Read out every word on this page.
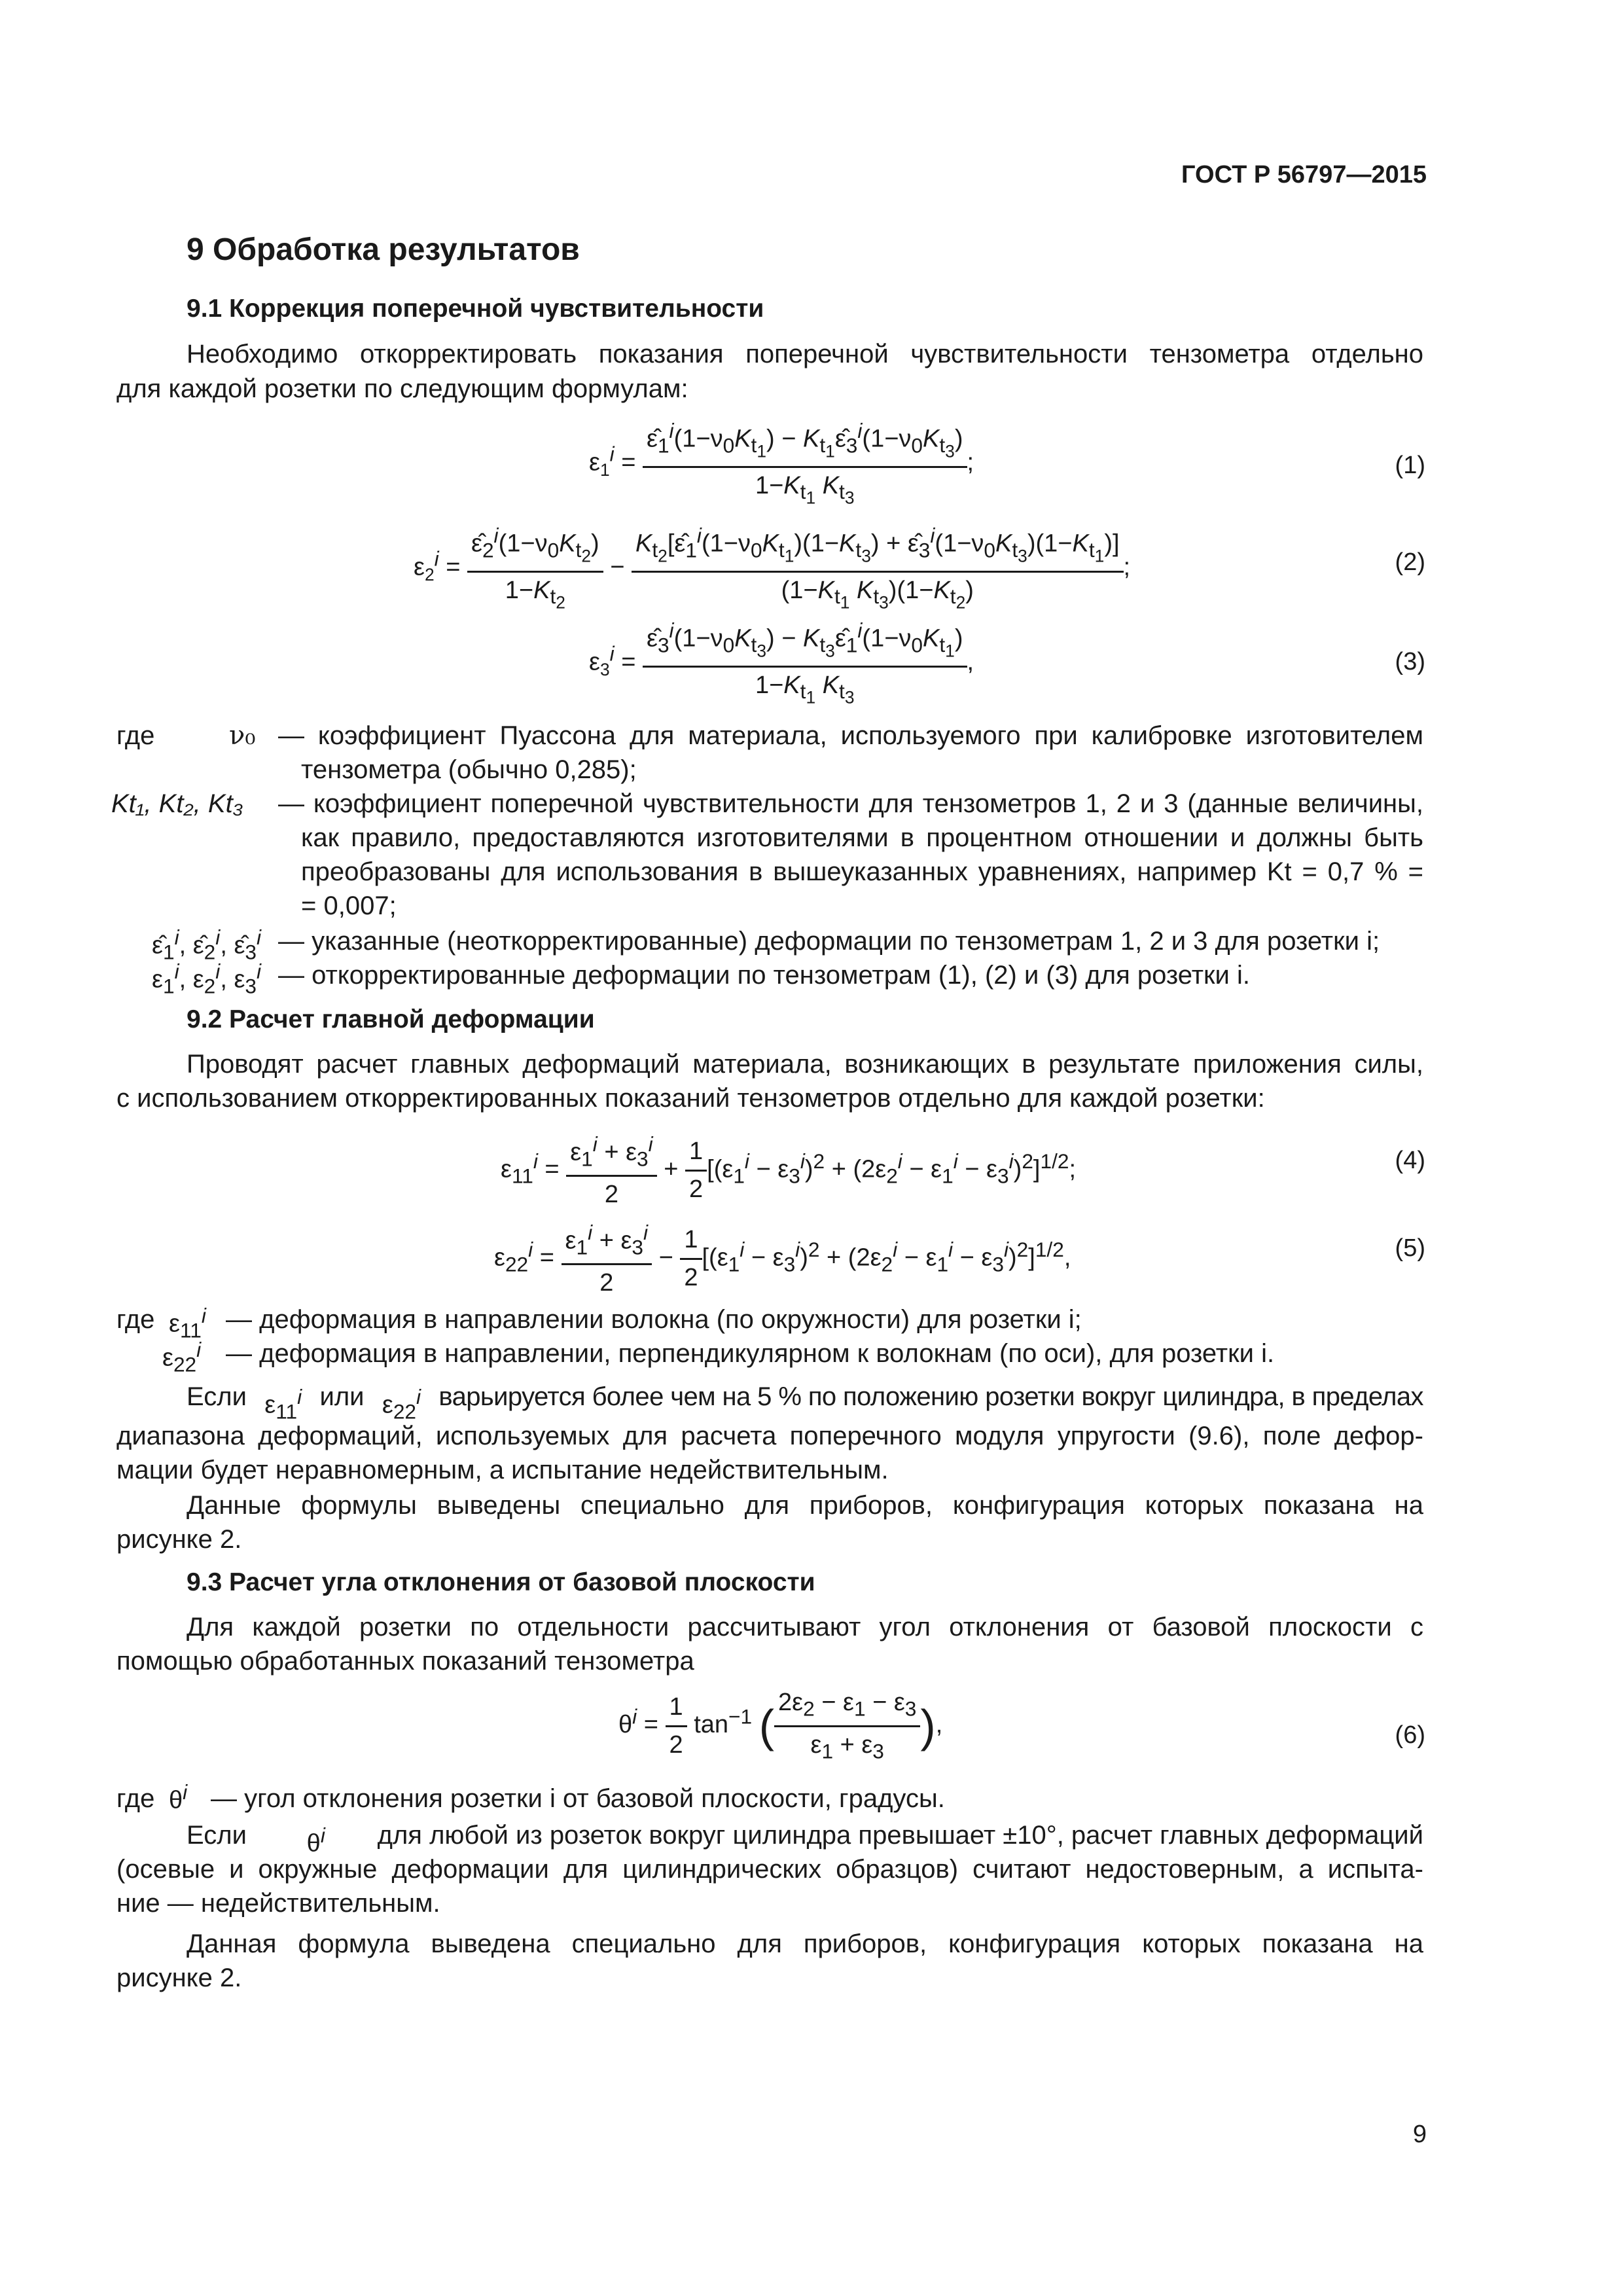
ГОСТ Р 56797—2015
9 Обработка результатов
9.1 Коррекция поперечной чувствительности
Необходимо откорректировать показания поперечной чувствительности тензометра отдельно
для каждой розетки по следующим формулам:
$\varepsilon_1^i = \frac{\varepsilon̂_1^i(1-\nu_0K_{t_1}) - K_{t_1}\varepsilon̂_3^i(1-\nu_0K_{t_3})}{1-K_{t_1} K_{t_3}}$ ;	(1)
$\varepsilon_2^i = \frac{\varepsilon̂_2^i(1-\nu_0K_{t_2})}{1-K_{t_2}} - \frac{K_{t_2}[\varepsilon̂_1^i(1-\nu_0K_{t_1})(1-K_{t_3}) + \varepsilon̂_3^i(1-\nu_0K_{t_3})(1-K_{t_1})]}{(1-K_{t_1} K_{t_3})(1-K_{t_2})}$ ;	(2)
$\varepsilon_3^i = \frac{\varepsilon̂_3^i(1-\nu_0K_{t_3}) - K_{t_3}\varepsilon̂_1^i(1-\nu_0K_{t_1})}{1-K_{t_1} K_{t_3}}$ ,	(3)
где	ν₀ — коэффициент Пуассона для материала, используемого при калибровке изготовителем
тензометра (обычно 0,285);
Kt₁, Kt₂, Kt₃ — коэффициент поперечной чувствительности для тензометров 1, 2 и 3 (данные величины,
как правило, предоставляются изготовителями в процентном отношении и должны быть
преобразованы для использования в вышеуказанных уравнениях, например Kt = 0,7 % =
= 0,007;
$\varepsilon̂_1^i$, $\varepsilon̂_2^i$, $\varepsilon̂_3^i$ — указанные (неоткорректированные) деформации по тензометрам 1, 2 и 3 для розетки i;
$\varepsilon_1^i$, $\varepsilon_2^i$, $\varepsilon_3^i$ — откорректированные деформации по тензометрам (1), (2) и (3) для розетки i.
9.2 Расчет главной деформации
Проводят расчет главных деформаций материала, возникающих в результате приложения силы,
с использованием откорректированных показаний тензометров отдельно для каждой розетки:
$\varepsilon_{11}^i = \frac{\varepsilon_1^i + \varepsilon_3^i}{2} + \frac{1}{2} [(\varepsilon_1^i - \varepsilon_3^i)^2 + (2\varepsilon_2^i - \varepsilon_1^i - \varepsilon_3^i)^2]^{1/2}$;	(4)
$\varepsilon_{22}^i = \frac{\varepsilon_1^i + \varepsilon_3^i}{2} - \frac{1}{2} [(\varepsilon_1^i - \varepsilon_3^i)^2 + (2\varepsilon_2^i - \varepsilon_1^i - \varepsilon_3^i)^2]^{1/2}$,	(5)
где $\varepsilon_{11}^i$ — деформация в направлении волокна (по окружности) для розетки i;
$\varepsilon_{22}^i$ — деформация в направлении, перпендикулярном к волокнам (по оси), для розетки i.
Если $\varepsilon_{11}^i$ или $\varepsilon_{22}^i$ варьируется более чем на 5 % по положению розетки вокруг цилиндра, в пределах
диапазона деформаций, используемых для расчета поперечного модуля упругости (9.6), поле дефор-
мации будет неравномерным, а испытание недействительным.
Данные формулы выведены специально для приборов, конфигурация которых показана на
рисунке 2.
9.3 Расчет угла отклонения от базовой плоскости
Для каждой розетки по отдельности рассчитывают угол отклонения от базовой плоскости с
помощью обработанных показаний тензометра
$\theta^i = \frac{1}{2} \tan^{-1}$ ( $\frac{2\varepsilon_2 - \varepsilon_1 - \varepsilon_3}{\varepsilon_1 + \varepsilon_3}$ ),	(6)
где $\theta^i$ — угол отклонения розетки i от базовой плоскости, градусы.
Если $\theta^i$ для любой из розеток вокруг цилиндра превышает ±10°, расчет главных деформаций
(осевые и окружные деформации для цилиндрических образцов) считают недостоверным, а испыта-
ние — недействительным.
Данная формула выведена специально для приборов, конфигурация которых показана на
рисунке 2.
9
